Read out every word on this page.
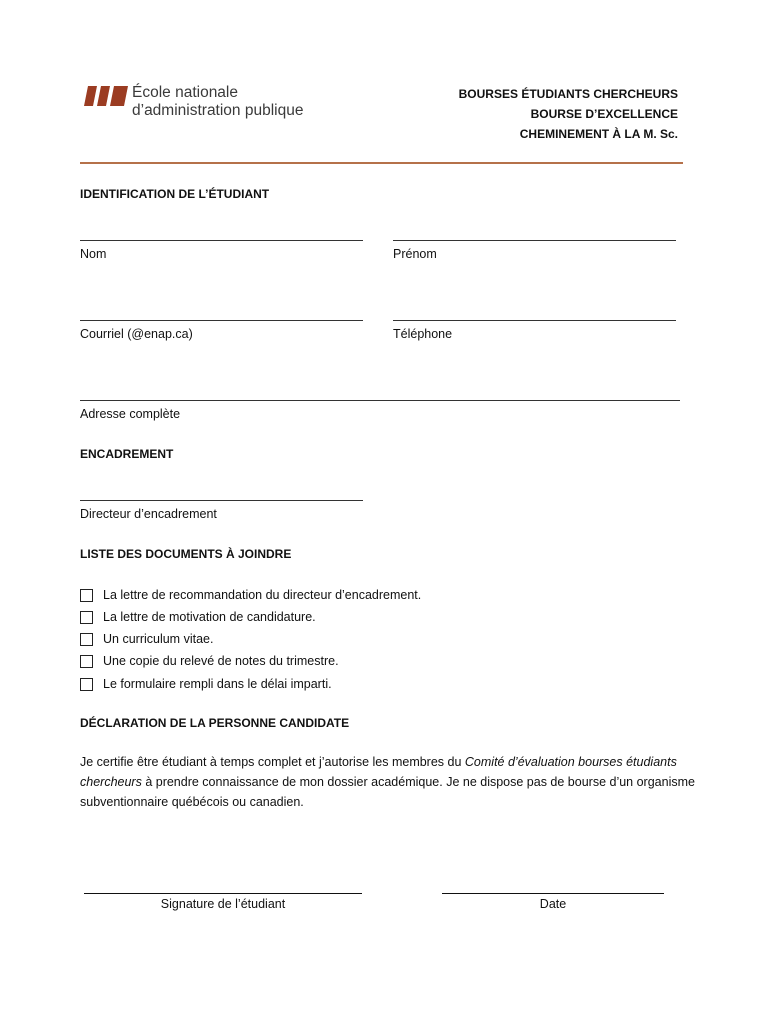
École nationale
d’administration publique
BOURSES ÉTUDIANTS CHERCHEURS
BOURSE D’EXCELLENCE
CHEMINEMENT À LA M. Sc.
IDENTIFICATION DE L’ÉTUDIANT
Nom	Prénom
Courriel (@enap.ca)	Téléphone
Adresse complète
ENCADREMENT
Directeur d’encadrement
LISTE DES DOCUMENTS À JOINDRE
La lettre de recommandation du directeur d’encadrement.
La lettre de motivation de candidature.
Un curriculum vitae.
Une copie du relevé de notes du trimestre.
Le formulaire rempli dans le délai imparti.
DÉCLARATION DE LA PERSONNE CANDIDATE
Je certifie être étudiant à temps complet et j’autorise les membres du Comité d’évaluation bourses étudiants chercheurs à prendre connaissance de mon dossier académique. Je ne dispose pas de bourse d’un organisme subventionnaire québécois ou canadien.
Signature de l’étudiant	Date
